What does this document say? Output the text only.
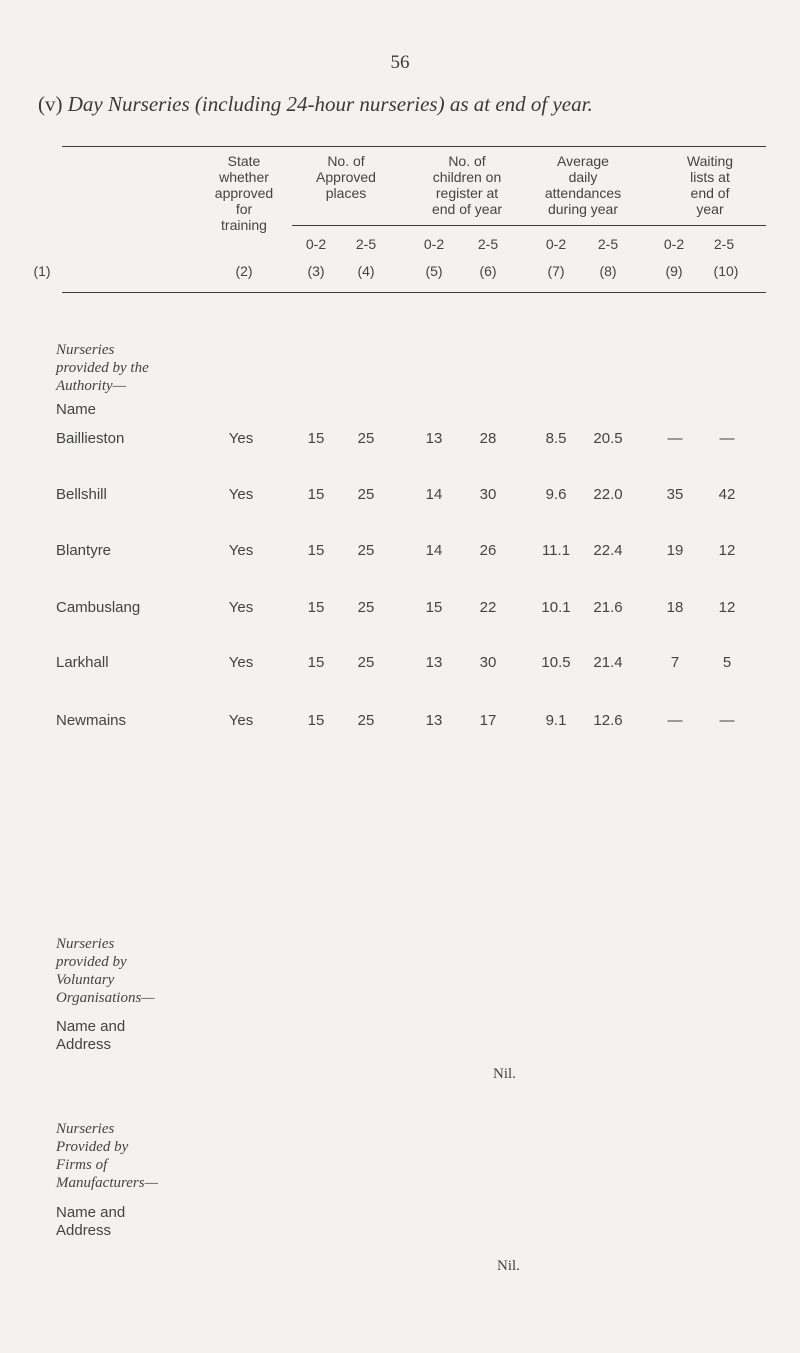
56
(v) Day Nurseries (including 24-hour nurseries) as at end of year.
State
whether
approved
for
training
No. of
Approved
places
No. of
children on
register at
end of year
Average
daily
attendances
during year
Waiting
lists at
end of
year
0-2	2-5	0-2	2-5	0-2	2-5	0-2	2-5
(1)	(2)	(3)	(4)	(5)	(6)	(7)	(8)	(9)	(10)
Nurseries
provided by the
Authority—
Name
Baillieston	Yes	15	25	13	28	8.5	20.5	—	—
Bellshill	Yes	15	25	14	30	9.6	22.0	35	42
Blantyre	Yes	15	25	14	26	11.1	22.4	19	12
Cambuslang	Yes	15	25	15	22	10.1	21.6	18	12
Larkhall	Yes	15	25	13	30	10.5	21.4	7	5
Newmains	Yes	15	25	13	17	9.1	12.6	—	—
Nurseries
provided by
Voluntary
Organisations—
Name and
Address
Nil.
Nurseries
Provided by
Firms of
Manufacturers—
Name and
Address
Nil.
